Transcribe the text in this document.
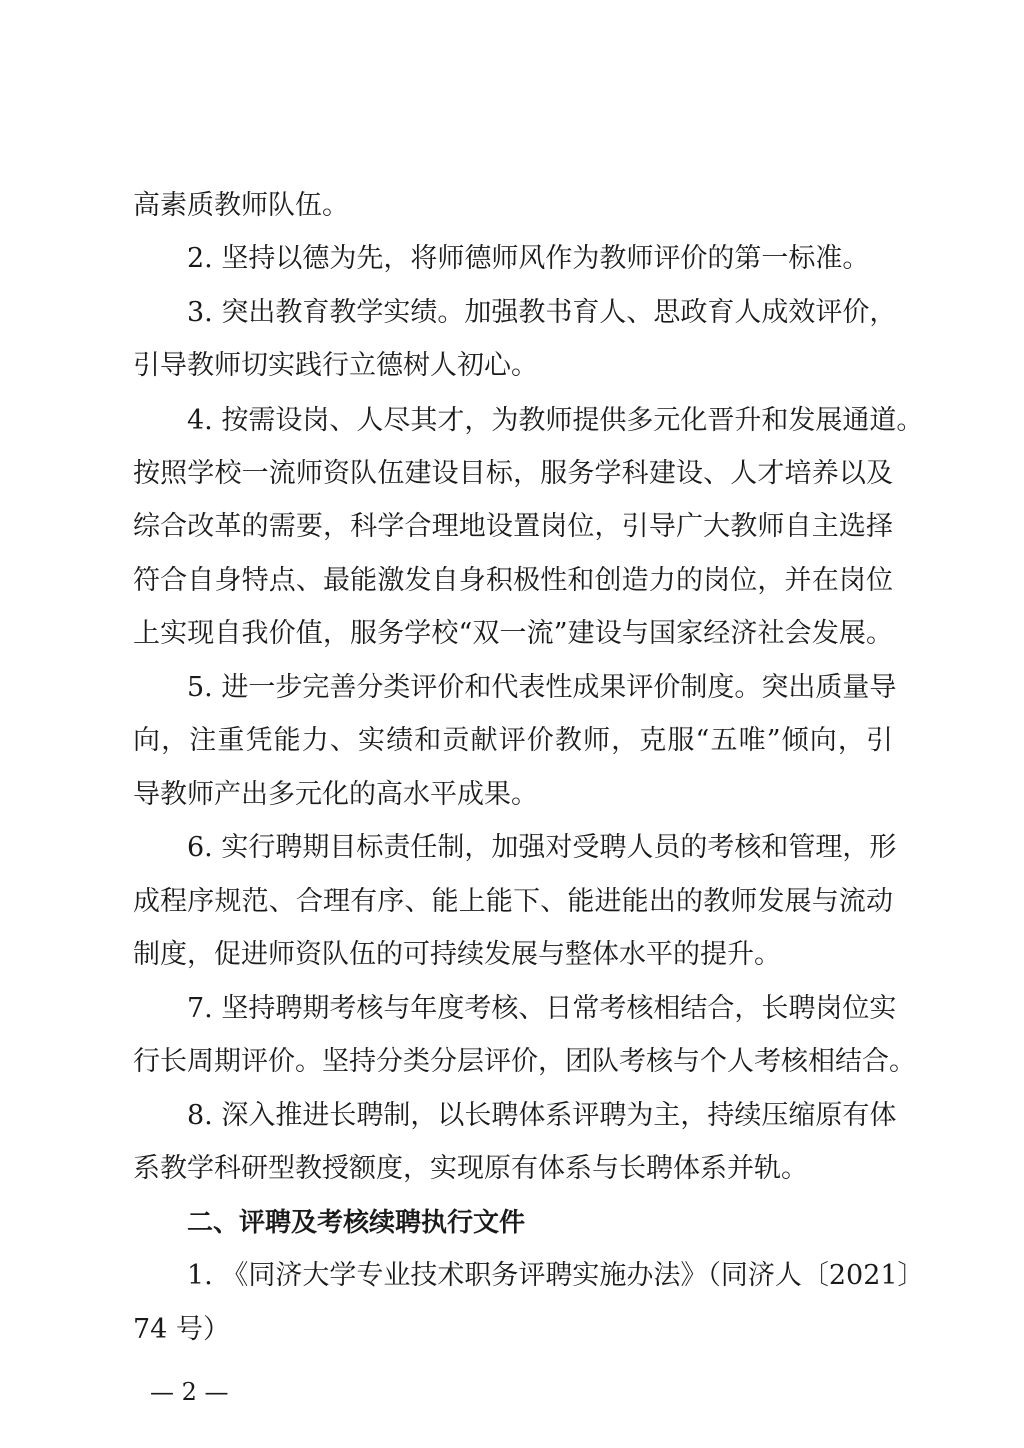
高素质教师队伍。
2. 坚持以德为先，将师德师风作为教师评价的第一标准。
3. 突出教育教学实绩。加强教书育人、思政育人成效评价，
引导教师切实践行立德树人初心。
4. 按需设岗、人尽其才，为教师提供多元化晋升和发展通道。
按照学校一流师资队伍建设目标，服务学科建设、人才培养以及
综合改革的需要，科学合理地设置岗位，引导广大教师自主选择
符合自身特点、最能激发自身积极性和创造力的岗位，并在岗位
上实现自我价值，服务学校“双一流”建设与国家经济社会发展。
5. 进一步完善分类评价和代表性成果评价制度。突出质量导
向，注重凭能力、实绩和贡献评价教师，克服“五唯”倾向，引
导教师产出多元化的高水平成果。
6. 实行聘期目标责任制，加强对受聘人员的考核和管理，形
成程序规范、合理有序、能上能下、能进能出的教师发展与流动
制度，促进师资队伍的可持续发展与整体水平的提升。
7. 坚持聘期考核与年度考核、日常考核相结合，长聘岗位实
行长周期评价。坚持分类分层评价，团队考核与个人考核相结合。
8. 深入推进长聘制，以长聘体系评聘为主，持续压缩原有体
系教学科研型教授额度，实现原有体系与长聘体系并轨。
二、评聘及考核续聘执行文件
1. 《同济大学专业技术职务评聘实施办法》（同济人〔2021〕
74 号）
— 2 —
